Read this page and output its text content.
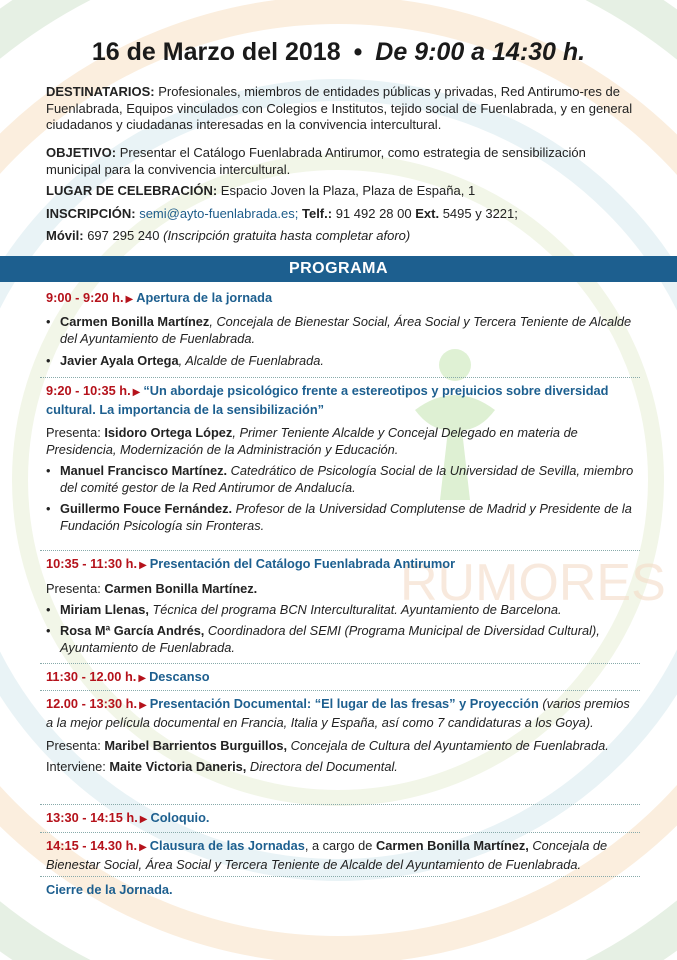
RUMORES
16 de Marzo del 2018 • De 9:00 a 14:30 h.
DESTINATARIOS: Profesionales, miembros de entidades públicas y privadas, Red Antirumo-res de Fuenlabrada, Equipos vinculados con Colegios e Institutos, tejido social de Fuenlabrada, y en general ciudadanos y ciudadanas interesadas en la convivencia intercultural.
OBJETIVO: Presentar el Catálogo Fuenlabrada Antirumor, como estrategia de sensibilización municipal para la convivencia intercultural.
LUGAR DE CELEBRACIÓN: Espacio Joven la Plaza, Plaza de España, 1
INSCRIPCIÓN: semi@ayto-fuenlabrada.es; Telf.: 91 492 28 00 Ext. 5495 y 3221;
Móvil: 697 295 240 (Inscripción gratuita hasta completar aforo)
PROGRAMA
9:00 - 9:20 h. ▶ Apertura de la jornada
• Carmen Bonilla Martínez, Concejala de Bienestar Social, Área Social y Tercera Teniente de Alcalde del Ayuntamiento de Fuenlabrada.
• Javier Ayala Ortega, Alcalde de Fuenlabrada.
9:20 - 10:35 h. ▶ “Un abordaje psicológico frente a estereotipos y prejuicios sobre diversidad cultural. La importancia de la sensibilización”
Presenta: Isidoro Ortega López, Primer Teniente Alcalde y Concejal Delegado en materia de Presidencia, Modernización de la Administración y Educación.
• Manuel Francisco Martínez. Catedrático de Psicología Social de la Universidad de Sevilla, miembro del comité gestor de la Red Antirumor de Andalucía.
• Guillermo Fouce Fernández. Profesor de la Universidad Complutense de Madrid y Presidente de la Fundación Psicología sin Fronteras.
10:35 - 11:30 h. ▶ Presentación del Catálogo Fuenlabrada Antirumor
Presenta: Carmen Bonilla Martínez.
• Miriam Llenas, Técnica del programa BCN Interculturalitat. Ayuntamiento de Barcelona.
• Rosa Mª García Andrés, Coordinadora del SEMI (Programa Municipal de Diversidad Cultural), Ayuntamiento de Fuenlabrada.
11:30 - 12.00 h. ▶ Descanso
12.00 - 13:30 h. ▶ Presentación Documental: “El lugar de las fresas” y Proyección (varios premios a la mejor película documental en Francia, Italia y España, así como 7 candidaturas a los Goya).
Presenta: Maribel Barrientos Burguillos, Concejala de Cultura del Ayuntamiento de Fuenlabrada.
Interviene: Maite Victoria Daneris, Directora del Documental.
13:30 - 14:15 h. ▶ Coloquio.
14:15 - 14.30 h. ▶ Clausura de las Jornadas, a cargo de Carmen Bonilla Martínez, Concejala de Bienestar Social, Área Social y Tercera Teniente de Alcalde del Ayuntamiento de Fuenlabrada.
Cierre de la Jornada.
